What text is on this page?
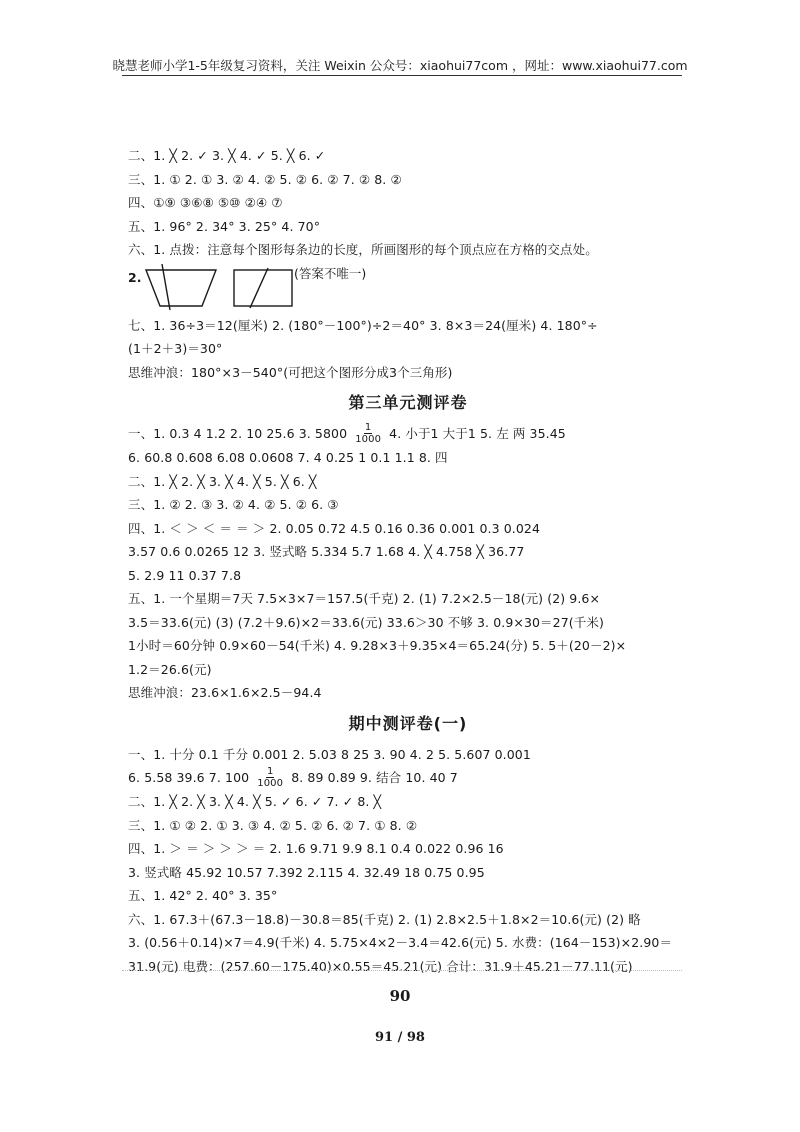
晓慧老师小学1-5年级复习资料，关注 Weixin 公众号：xiaohui77com ，网址：www.xiaohui77.com
二、1. ╳ 2. ✓ 3. ╳ 4. ✓ 5. ╳ 6. ✓
三、1. ① 2. ① 3. ② 4. ② 5. ② 6. ② 7. ② 8. ②
四、①⑨ ③⑥⑧ ⑤⑩ ②④ ⑦
五、1. 96° 2. 34° 3. 25° 4. 70°
六、1. 点拨：注意每个图形每条边的长度，所画图形的每个顶点应在方格的交点处。
2.	(答案不唯一)
七、1. 36÷3＝12(厘米) 2. (180°－100°)÷2＝40° 3. 8×3＝24(厘米) 4. 180°÷
(1＋2＋3)＝30°
思维冲浪：180°×3－540°(可把这个图形分成3个三角形)
第三单元测评卷
一、1. 0.3 4 1.2 2. 10 25.6 3. $5800 \frac{1}{1000} 4$. 小于1 大于1 5. 左 两 35.45
6. 60.8 0.608 6.08 0.0608 7. 4 0.25 1 0.1 1.1 8. 四
二、1. ╳ 2. ╳ 3. ╳ 4. ╳ 5. ╳ 6. ╳
三、1. ② 2. ③ 3. ② 4. ② 5. ② 6. ③
四、1. ＜ ＞ ＜ ＝ ＝ ＞ 2. 0.05 0.72 4.5 0.16 0.36 0.001 0.3 0.024
3.57 0.6 0.0265 12 3. 竖式略 5.334 5.7 1.68 4. ╳ 4.758 ╳ 36.77
5. 2.9 11 0.37 7.8
五、1. 一个星期＝7天 7.5×3×7＝157.5(千克) 2. (1) 7.2×2.5－18(元) (2) 9.6×
3.5＝33.6(元) (3) (7.2＋9.6)×2＝33.6(元) 33.6＞30 不够 3. 0.9×30＝27(千米)
1小时＝60分钟 0.9×60－54(千米) 4. 9.28×3＋9.35×4＝65.24(分) 5. 5＋(20－2)×
1.2＝26.6(元)
思维冲浪：23.6×1.6×2.5－94.4
期中测评卷(一)
一、1. 十分 0.1 千分 0.001 2. 5.03 8 25 3. 90 4. 2 5. 5.607 0.001
6. 5.58 39.6 7. $100 \frac{1}{1000} 8$. 89 0.89 9. 结合 10. 40 7
二、1. ╳ 2. ╳ 3. ╳ 4. ╳ 5. ✓ 6. ✓ 7. ✓ 8. ╳
三、1. ① ② 2. ① 3. ③ 4. ② 5. ② 6. ② 7. ① 8. ②
四、1. ＞ ＝ ＞ ＞ ＞ ＝ 2. 1.6 9.71 9.9 8.1 0.4 0.022 0.96 16
3. 竖式略 45.92 10.57 7.392 2.115 4. 32.49 18 0.75 0.95
五、1. 42° 2. 40° 3. 35°
六、1. 67.3＋(67.3－18.8)－30.8＝85(千克) 2. (1) 2.8×2.5＋1.8×2＝10.6(元) (2) 略
3. (0.56＋0.14)×7＝4.9(千米) 4. 5.75×4×2－3.4＝42.6(元) 5. 水费：(164－153)×2.90＝
31.9(元) 电费：(257.60－175.40)×0.55＝45.21(元) 合计：31.9＋45.21－77.11(元)
90
91 / 98
